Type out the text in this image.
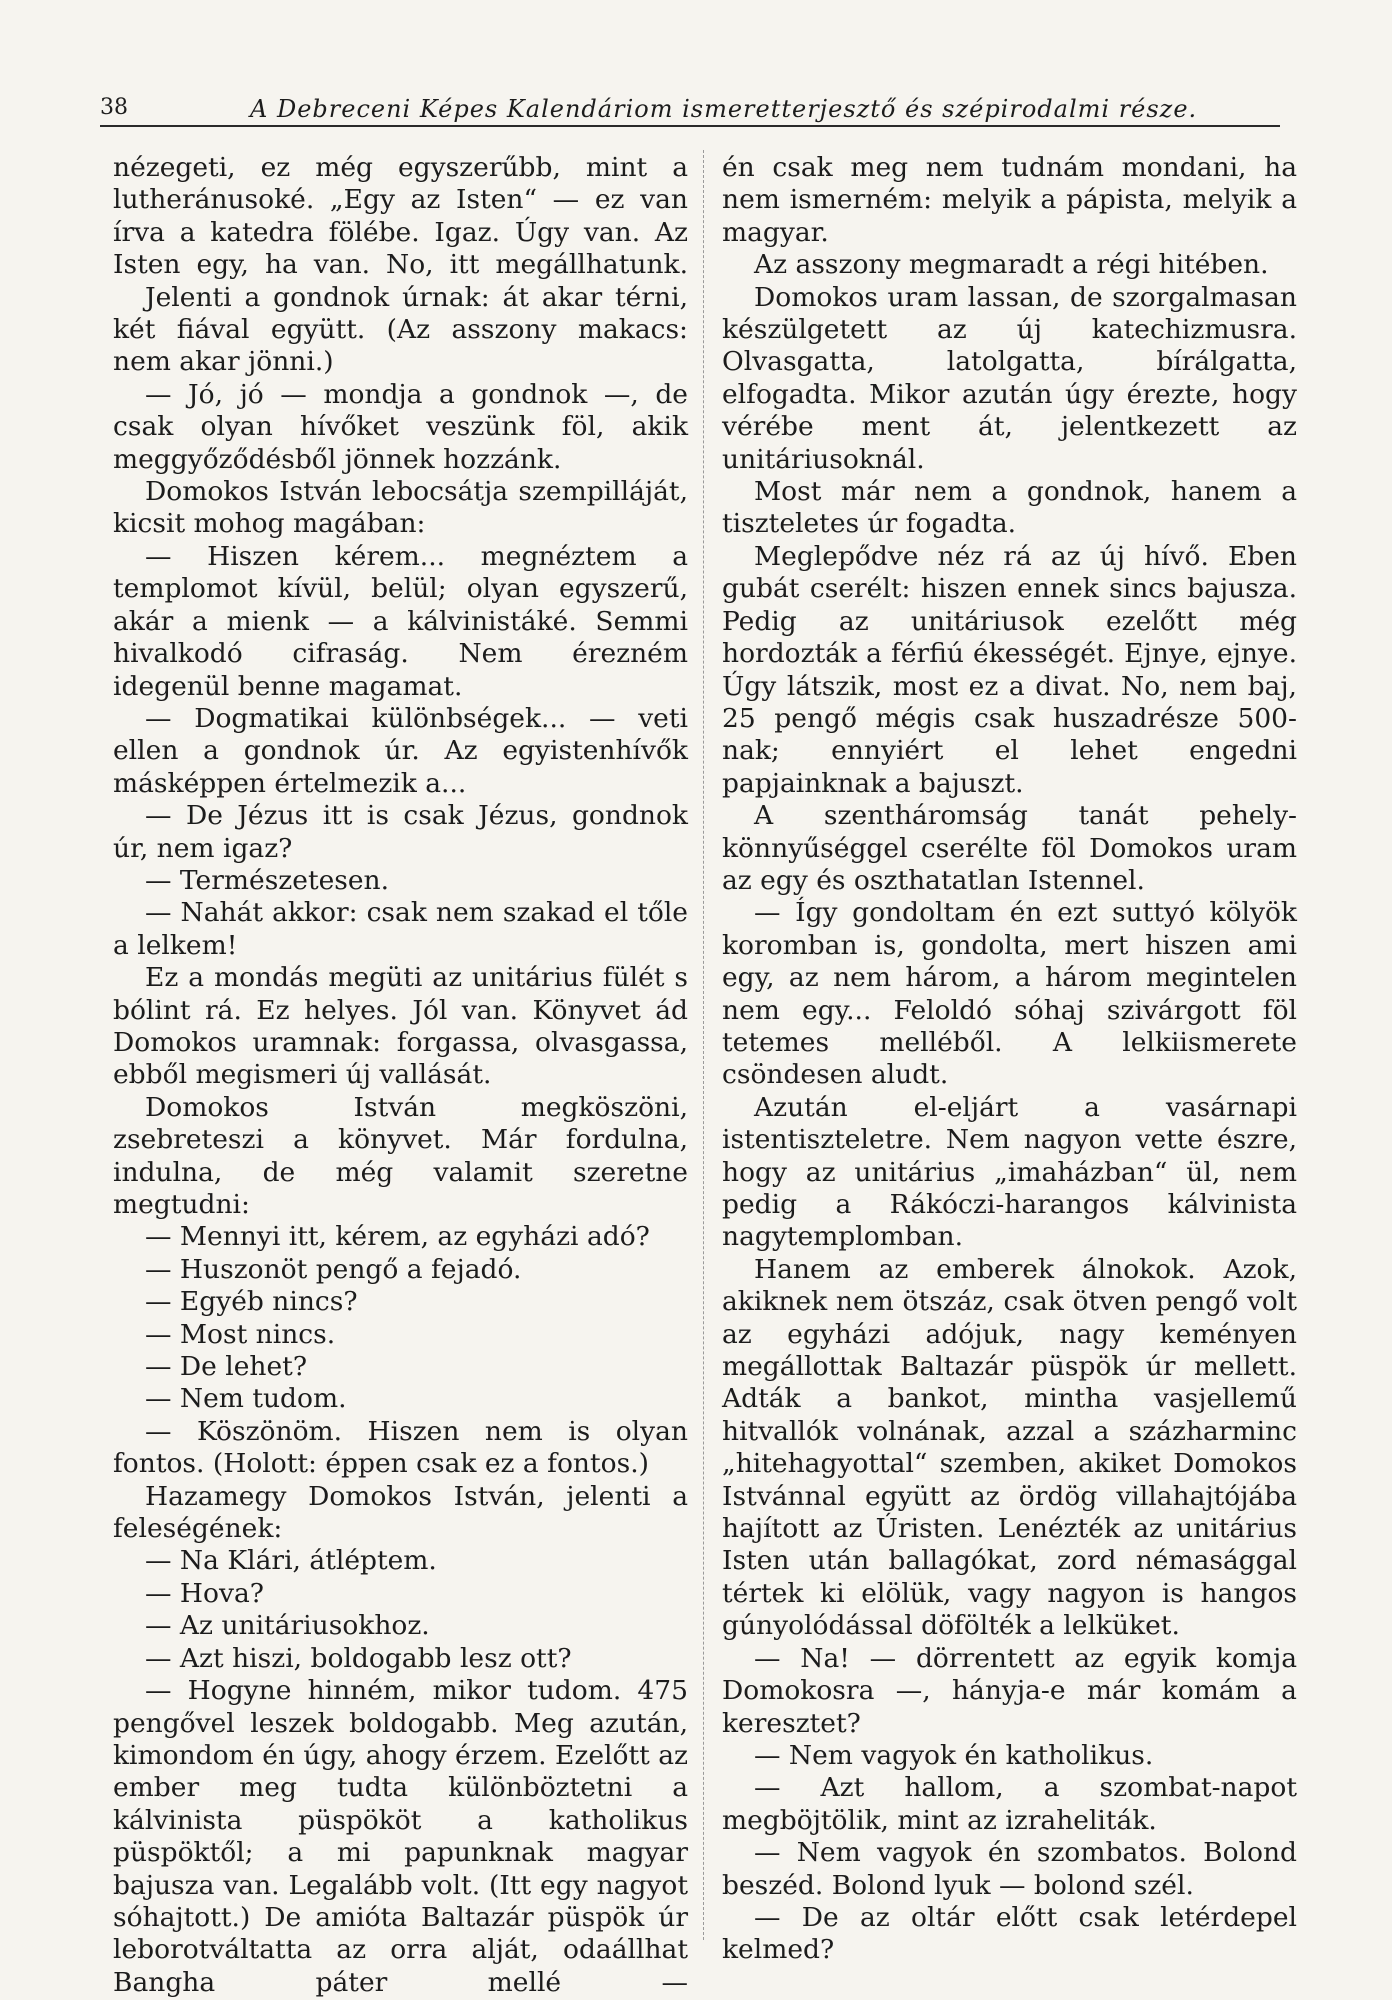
38	A Debreceni Képes Kalendáriom ismeretterjesztő és szépirodalmi része.

nézegeti, ez még egyszerűbb, mint a lutheránusoké. „Egy az Isten“ — ez van írva a katedra fölébe. Igaz. Úgy van. Az Isten egy, ha van. No, itt megállhatunk.

Jelenti a gondnok úrnak: át akar térni, két fiával együtt. (Az asszony makacs: nem akar jönni.)

— Jó, jó — mondja a gondnok —, de csak olyan hívőket veszünk föl, akik meggyőződésből jönnek hozzánk.

Domokos István lebocsátja szempilláját, kicsit mohog magában:

— Hiszen kérem... megnéztem a templomot kívül, belül; olyan egyszerű, akár a mienk — a kálvinistáké. Semmi hivalkodó cifraság. Nem érezném idegenül benne magamat.

— Dogmatikai különbségek... — veti ellen a gondnok úr. Az egyistenhívők másképpen értelmezik a...

— De Jézus itt is csak Jézus, gondnok úr, nem igaz?

— Természetesen.

— Nahát akkor: csak nem szakad el tőle a lelkem!

Ez a mondás megüti az unitárius fülét s bólint rá. Ez helyes. Jól van. Könyvet ád Domokos uramnak: forgassa, olvasgassa, ebből megismeri új vallását.

Domokos István megköszöni, zsebreteszi a könyvet. Már fordulna, indulna, de még valamit szeretne megtudni:

— Mennyi itt, kérem, az egyházi adó?

— Huszonöt pengő a fejadó.

— Egyéb nincs?

— Most nincs.

— De lehet?

— Nem tudom.

— Köszönöm. Hiszen nem is olyan fontos. (Holott: éppen csak ez a fontos.)

Hazamegy Domokos István, jelenti a feleségének:

— Na Klári, átléptem.

— Hova?

— Az unitáriusokhoz.

— Azt hiszi, boldogabb lesz ott?

— Hogyne hinném, mikor tudom. 475 pengővel leszek boldogabb. Meg azután, kimondom én úgy, ahogy érzem. Ezelőtt az ember meg tudta különböztetni a kálvinista püspököt a katholikus püspöktől; a mi papunknak magyar bajusza van. Legalább volt. (Itt egy nagyot sóhajtott.) De amióta Baltazár püspök úr leborotváltatta az orra alját, odaállhat Bangha páter mellé —

én csak meg nem tudnám mondani, ha nem ismerném: melyik a pápista, melyik a magyar.

Az asszony megmaradt a régi hitében.

Domokos uram lassan, de szorgalmasan készülgetett az új katechizmusra. Olvasgatta, latolgatta, bírálgatta, elfogadta. Mikor azután úgy érezte, hogy vérébe ment át, jelentkezett az unitáriusoknál.

Most már nem a gondnok, hanem a tiszteletes úr fogadta.

Meglepődve néz rá az új hívő. Eben gubát cserélt: hiszen ennek sincs bajusza. Pedig az unitáriusok ezelőtt még hordozták a férfiú ékességét. Ejnye, ejnye. Úgy látszik, most ez a divat. No, nem baj, 25 pengő mégis csak huszadrésze 500-nak; ennyiért el lehet engedni papjainknak a bajuszt.

A szentháromság tanát pehely-könnyűséggel cserélte föl Domokos uram az egy és oszthatatlan Istennel.

— Így gondoltam én ezt suttyó kölyök koromban is, gondolta, mert hiszen ami egy, az nem három, a három megintelen nem egy... Feloldó sóhaj szivárgott föl tetemes melléből. A lelkiismerete csöndesen aludt.

Azután el-eljárt a vasárnapi istentiszteletre. Nem nagyon vette észre, hogy az unitárius „imaházban“ ül, nem pedig a Rákóczi-harangos kálvinista nagytemplomban.

Hanem az emberek álnokok. Azok, akiknek nem ötszáz, csak ötven pengő volt az egyházi adójuk, nagy keményen megállottak Baltazár püspök úr mellett. Adták a bankot, mintha vasjellemű hitvallók volnának, azzal a százharminc „hitehagyottal“ szemben, akiket Domokos Istvánnal együtt az ördög villahajtójába hajított az Úristen. Lenézték az unitárius Isten után ballagókat, zord némasággal tértek ki elölük, vagy nagyon is hangos gúnyolódással döfölték a lelküket.

— Na! — dörrentett az egyik komja Domokosra —, hányja-e már komám a keresztet?

— Nem vagyok én katholikus.

— Azt hallom, a szombat-napot megböjtölik, mint az izraheliták.

— Nem vagyok én szombatos. Bolond beszéd. Bolond lyuk — bolond szél.

— De az oltár előtt csak letérdepel kelmed?
